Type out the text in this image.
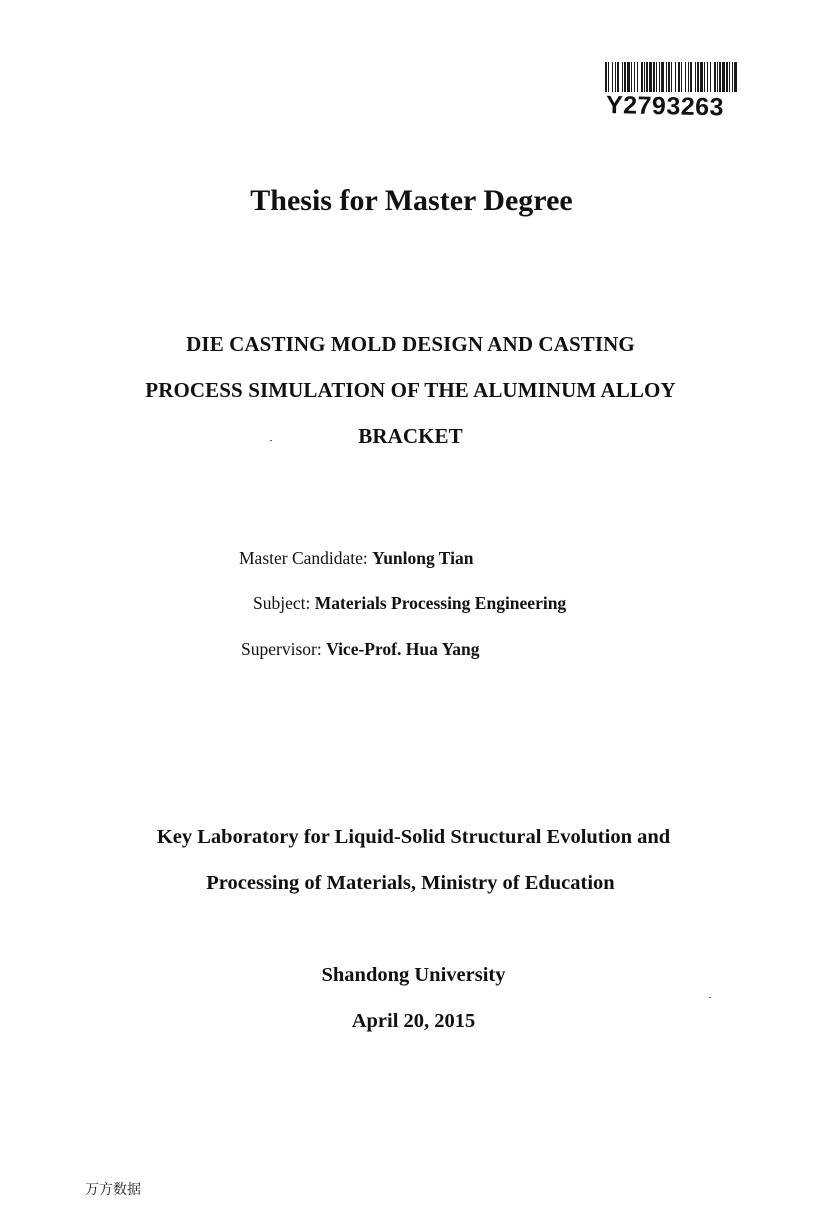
Y2793263
Thesis for Master Degree
DIE CASTING MOLD DESIGN AND CASTING
PROCESS SIMULATION OF THE ALUMINUM ALLOY
BRACKET
Master Candidate: Yunlong Tian
Subject: Materials Processing Engineering
Supervisor: Vice-Prof. Hua Yang
Key Laboratory for Liquid-Solid Structural Evolution and
Processing of Materials, Ministry of Education
Shandong University
April 20, 2015
万方数据
